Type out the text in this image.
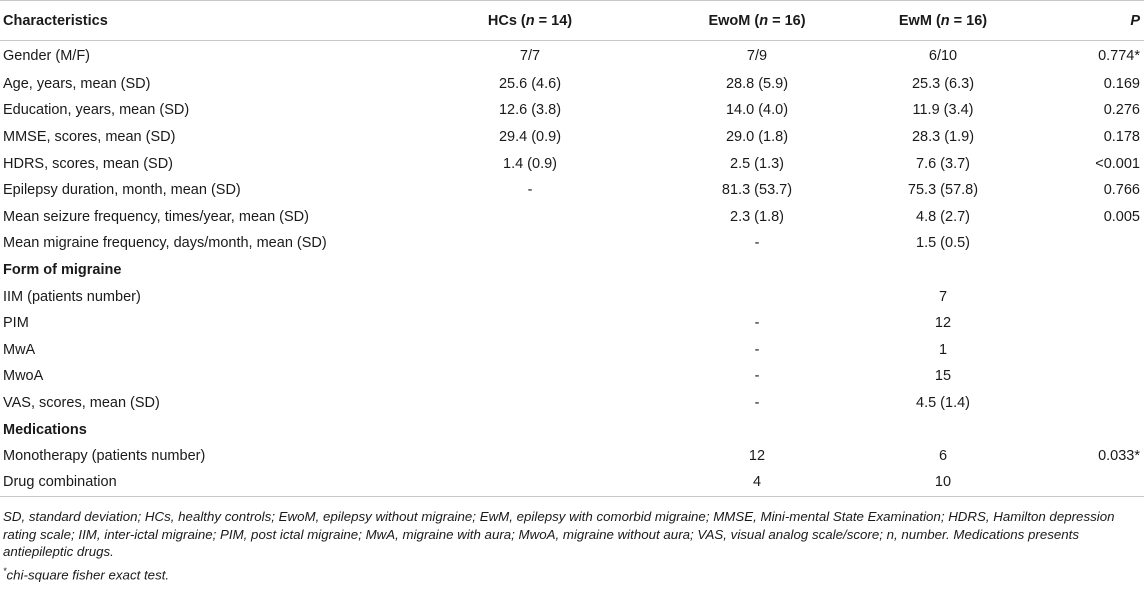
Characteristics	HCs (n = 14)	EwoM (n = 16)	EwM (n = 16)	P
Gender (M/F)	7/7	7/9	6/10	0.774*
Age, years, mean (SD)	25.6 (4.6)	28.8 (5.9)	25.3 (6.3)	0.169
Education, years, mean (SD)	12.6 (3.8)	14.0 (4.0)	11.9 (3.4)	0.276
MMSE, scores, mean (SD)	29.4 (0.9)	29.0 (1.8)	28.3 (1.9)	0.178
HDRS, scores, mean (SD)	1.4 (0.9)	2.5 (1.3)	7.6 (3.7)	<0.001
Epilepsy duration, month, mean (SD)	-	81.3 (53.7)	75.3 (57.8)	0.766
Mean seizure frequency, times/year, mean (SD)		2.3 (1.8)	4.8 (2.7)	0.005
Mean migraine frequency, days/month, mean (SD)		-	1.5 (0.5)	
Form of migraine				
IIM (patients number)			7	
PIM		-	12	
MwA		-	1	
MwoA		-	15	
VAS, scores, mean (SD)		-	4.5 (1.4)	
Medications				
Monotherapy (patients number)		12	6	0.033*
Drug combination		4	10	

SD, standard deviation; HCs, healthy controls; EwoM, epilepsy without migraine; EwM, epilepsy with comorbid migraine; MMSE, Mini-mental State Examination; HDRS, Hamilton depression rating scale; IIM, inter-ictal migraine; PIM, post ictal migraine; MwA, migraine with aura; MwoA, migraine without aura; VAS, visual analog scale/score; n, number. Medications presents antiepileptic drugs.

*chi-square fisher exact test.
